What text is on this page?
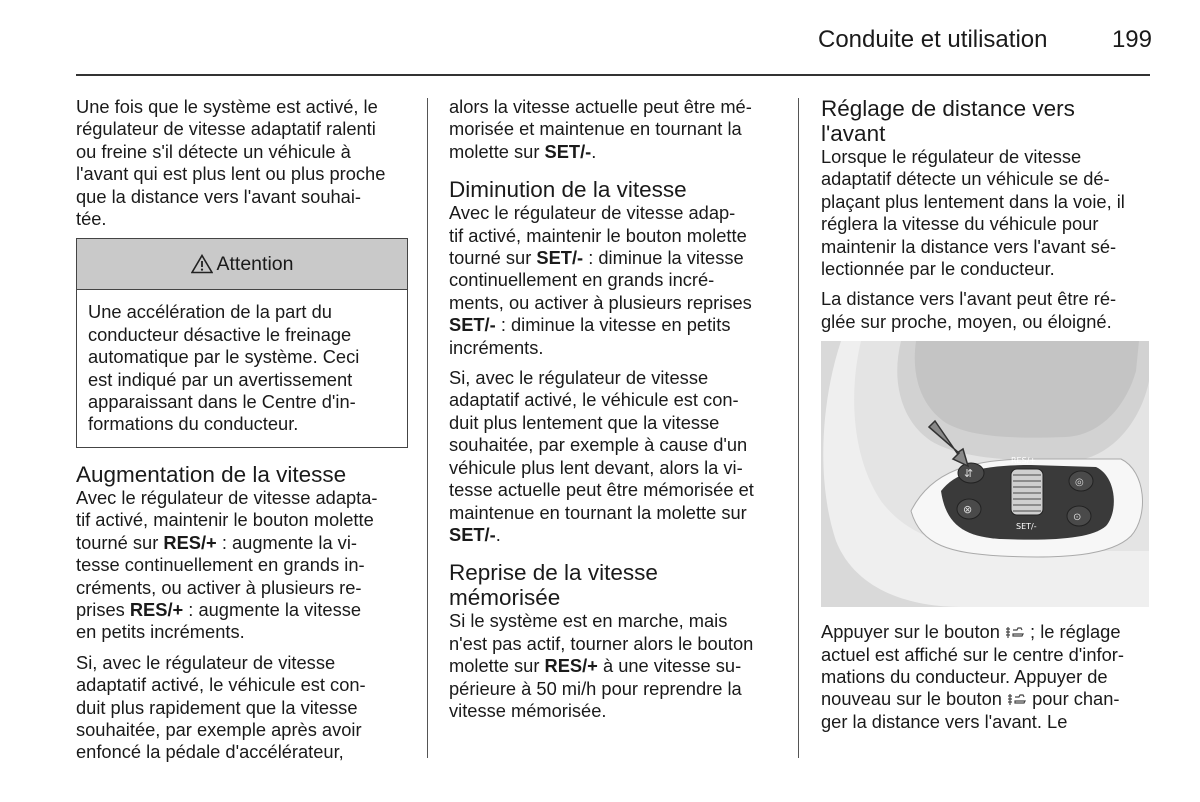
Conduite et utilisation	199

Une fois que le système est activé, le
régulateur de vitesse adaptatif ralenti
ou freine s'il détecte un véhicule à
l'avant qui est plus lent ou plus proche
que la distance vers l'avant souhai-
tée.

Attention
Une accélération de la part du
conducteur désactive le freinage
automatique par le système. Ceci
est indiqué par un avertissement
apparaissant dans le Centre d'in-
formations du conducteur.
Augmentation de la vitesse

Avec le régulateur de vitesse adapta-
tif activé, maintenir le bouton molette
tourné sur RES/+ : augmente la vi-
tesse continuellement en grands in-
créments, ou activer à plusieurs re-
prises RES/+ : augmente la vitesse
en petits incréments.

Si, avec le régulateur de vitesse
adaptatif activé, le véhicule est con-
duit plus rapidement que la vitesse
souhaitée, par exemple après avoir
enfoncé la pédale d'accélérateur,

alors la vitesse actuelle peut être mé-
morisée et maintenue en tournant la
molette sur SET/-.

Diminution de la vitesse

Avec le régulateur de vitesse adap-
tif activé, maintenir le bouton molette
tourné sur SET/- : diminue la vitesse
continuellement en grands incré-
ments, ou activer à plusieurs reprises
SET/- : diminue la vitesse en petits
incréments.

Si, avec le régulateur de vitesse
adaptatif activé, le véhicule est con-
duit plus lentement que la vitesse
souhaitée, par exemple à cause d'un
véhicule plus lent devant, alors la vi-
tesse actuelle peut être mémorisée et
maintenue en tournant la molette sur
SET/-.

Reprise de la vitesse
mémorisée

Si le système est en marche, mais
n'est pas actif, tourner alors le bouton
molette sur RES/+ à une vitesse su-
périeure à 50 mi/h pour reprendre la
vitesse mémorisée.

Réglage de distance vers
l'avant

Lorsque le régulateur de vitesse
adaptatif détecte un véhicule se dé-
plaçant plus lentement dans la voie, il
réglera la vitesse du véhicule pour
maintenir la distance vers l'avant sé-
lectionnée par le conducteur.

La distance vers l'avant peut être ré-
glée sur proche, moyen, ou éloigné.

⇵
⊗
RES/+
SET/-
◎
⊙

Appuyer sur le bouton  ; le réglage
actuel est affiché sur le centre d'infor-
mations du conducteur. Appuyer de
nouveau sur le bouton  pour chan-
ger la distance vers l'avant. Le
